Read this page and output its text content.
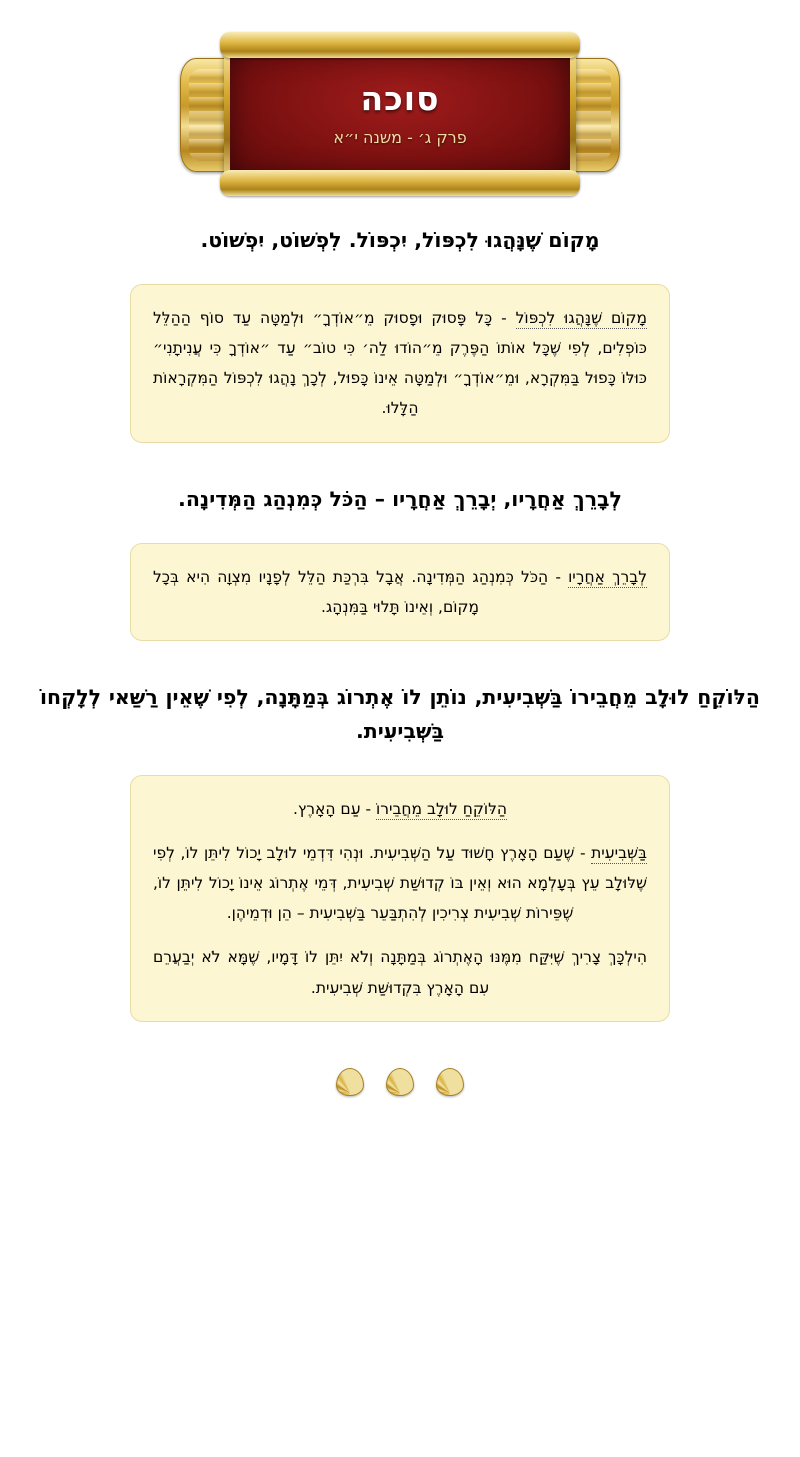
סוכה
פרק ג׳ - משנה י״א
מָקוֹם שֶׁנָּהֲגוּ לִכְפּוֹל, יִכְפּוֹל. לִפְשׁוֹט, יִפְשׁוֹט.

מָקוֹם שֶׁנָּהֲגוּ לִכְפּוֹל - כָּל פָּסוּק וּפָסוּק מֵ״אוֹדְךָ״ וּלְמַטָּה עַד סוֹף הַהַלֵּל כּוֹפְלִים, לְפִי שֶׁכָּל אוֹתוֹ הַפֶּרֶק מֵ״הוֹדוּ לַה׳ כִּי טוֹב״ עַד ״אוֹדְךָ כִּי עֲנִיתָנִי״ כּוּלּוֹ כָּפוּל בַּמִּקְרָא, וּמֵ״אוֹדְךָ״ וּלְמַטָּה אֵינוֹ כָּפוּל, לְכָךְ נָהֲגוּ לִכְפּוֹל הַמִּקְרָאוֹת הַלָּלוּ.

לְבָרֵךְ אַחֲרָיו, יְבָרֵךְ אַחֲרָיו – הַכֹּל כְּמִנְהַג הַמְּדִינָה.

לְבָרֵךְ אַחֲרָיו - הַכֹּל כְּמִנְהַג הַמְּדִינָה. אֲבָל בִּרְכַּת הַלֵּל לְפָנָיו מִצְוָה הִיא בְּכָל מָקוֹם, וְאֵינוֹ תָּלוּי בַּמִּנְהָג.

הַלּוֹקֵחַ לוּלָב מֵחֲבֵירוֹ בַּשְּׁבִיעִית, נוֹתֵן לוֹ אֶתְרוֹג בְּמַתָּנָה, לְפִי שֶׁאֵין רַשַּׁאי לְלָקְחוֹ בַּשְּׁבִיעִית.

הַלּוֹקֵחַ לוּלָב מֵחֲבֵירוֹ - עַם הָאָרֶץ.

בַּשְּׁבִיעִית - שֶׁעַם הָאָרֶץ חָשׁוּד עַל הַשְּׁבִיעִית. וּנְהִי דִּדְמֵי לוּלָב יָכוֹל לִיתֵּן לוֹ, לְפִי שֶׁלּוּלָב עֵץ בְּעָלְמָא הוּא וְאֵין בּוֹ קְדוּשַּׁת שְׁבִיעִית, דְּמֵי אֶתְרוֹג אֵינוֹ יָכוֹל לִיתֵּן לוֹ, שֶׁפֵּירוֹת שְׁבִיעִית צְרִיכִין לְהִתְבַּעֵר בַּשְּׁבִיעִית – הֵן וּדְמֵיהֶן.

הִילְכָּךְ צָרִיךְ שֶׁיִּקַּח מִמֶּנּוּ הָאֶתְרוֹג בְּמַתָּנָה וְלֹא יִתֵּן לוֹ דָּמָיו, שֶׁמָּא לֹא יְבַעֲרֵם עִם הָאָרֶץ בִּקְדוּשַּׁת שְׁבִיעִית.
